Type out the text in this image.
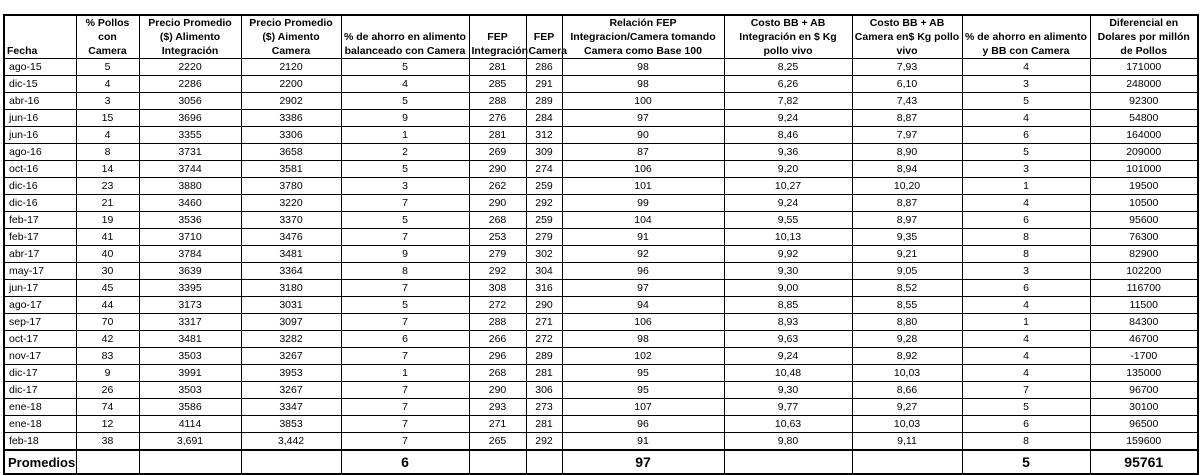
Fecha	% Pollos con Camera	Precio Promedio ($) Alimento Integración	Precio Promedio ($) Aimento Camera	% de ahorro en alimento balanceado con Camera	FEP Integración	FEP Camera	Relación FEP Integracion/Camera tomando Camera como Base 100	Costo BB + AB Integración en $ Kg pollo vivo	Costo BB + AB Camera en$ Kg pollo vivo	% de ahorro en alimento y BB con Camera	Diferencial en Dolares por millón de Pollos
ago-15	5	2220	2120	5	281	286	98	8,25	7,93	4	171000
dic-15	4	2286	2200	4	285	291	98	6,26	6,10	3	248000
abr-16	3	3056	2902	5	288	289	100	7,82	7,43	5	92300
jun-16	15	3696	3386	9	276	284	97	9,24	8,87	4	54800
jun-16	4	3355	3306	1	281	312	90	8,46	7,97	6	164000
ago-16	8	3731	3658	2	269	309	87	9,36	8,90	5	209000
oct-16	14	3744	3581	5	290	274	106	9,20	8,94	3	101000
dic-16	23	3880	3780	3	262	259	101	10,27	10,20	1	19500
dic-16	21	3460	3220	7	290	292	99	9,24	8,87	4	10500
feb-17	19	3536	3370	5	268	259	104	9,55	8,97	6	95600
feb-17	41	3710	3476	7	253	279	91	10,13	9,35	8	76300
abr-17	40	3784	3481	9	279	302	92	9,92	9,21	8	82900
may-17	30	3639	3364	8	292	304	96	9,30	9,05	3	102200
jun-17	45	3395	3180	7	308	316	97	9,00	8,52	6	116700
ago-17	44	3173	3031	5	272	290	94	8,85	8,55	4	11500
sep-17	70	3317	3097	7	288	271	106	8,93	8,80	1	84300
oct-17	42	3481	3282	6	266	272	98	9,63	9,28	4	46700
nov-17	83	3503	3267	7	296	289	102	9,24	8,92	4	-1700
dic-17	9	3991	3953	1	268	281	95	10,48	10,03	4	135000
dic-17	26	3503	3267	7	290	306	95	9,30	8,66	7	96700
ene-18	74	3586	3347	7	293	273	107	9,77	9,27	5	30100
ene-18	12	4114	3853	7	271	281	96	10,63	10,03	6	96500
feb-18	38	3,691	3,442	7	265	292	91	9,80	9,11	8	159600
Promedios				6			97			5	95761
